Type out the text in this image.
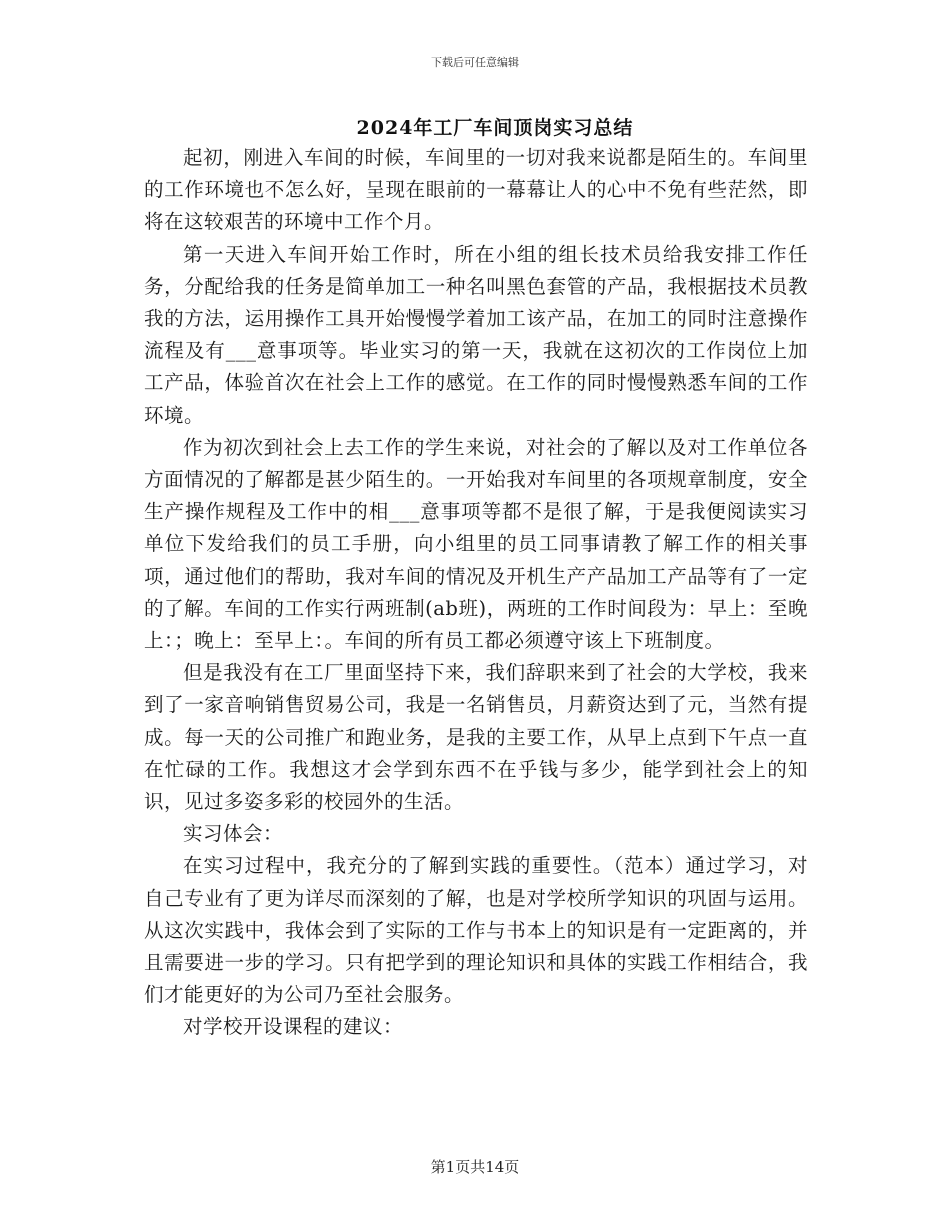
下载后可任意编辑
2024年工厂车间顶岗实习总结

起初，刚进入车间的时候，车间里的一切对我来说都是陌生的。车间里的工作环境也不怎么好，呈现在眼前的一幕幕让人的心中不免有些茫然，即将在这较艰苦的环境中工作个月。

第一天进入车间开始工作时，所在小组的组长技术员给我安排工作任务，分配给我的任务是简单加工一种名叫黑色套管的产品，我根据技术员教我的方法，运用操作工具开始慢慢学着加工该产品，在加工的同时注意操作流程及有___意事项等。毕业实习的第一天，我就在这初次的工作岗位上加工产品，体验首次在社会上工作的感觉。在工作的同时慢慢熟悉车间的工作环境。

作为初次到社会上去工作的学生来说，对社会的了解以及对工作单位各方面情况的了解都是甚少陌生的。一开始我对车间里的各项规章制度，安全生产操作规程及工作中的相___意事项等都不是很了解，于是我便阅读实习单位下发给我们的员工手册，向小组里的员工同事请教了解工作的相关事项，通过他们的帮助，我对车间的情况及开机生产产品加工产品等有了一定的了解。车间的工作实行两班制(ab班)，两班的工作时间段为：早上：至晚上：；晚上：至早上：。车间的所有员工都必须遵守该上下班制度。

但是我没有在工厂里面坚持下来，我们辞职来到了社会的大学校，我来到了一家音响销售贸易公司，我是一名销售员，月薪资达到了元，当然有提成。每一天的公司推广和跑业务，是我的主要工作，从早上点到下午点一直在忙碌的工作。我想这才会学到东西不在乎钱与多少，能学到社会上的知识，见过多姿多彩的校园外的生活。

实习体会：

在实习过程中，我充分的了解到实践的重要性。（范本）通过学习，对自己专业有了更为详尽而深刻的了解，也是对学校所学知识的巩固与运用。从这次实践中，我体会到了实际的工作与书本上的知识是有一定距离的，并且需要进一步的学习。只有把学到的理论知识和具体的实践工作相结合，我们才能更好的为公司乃至社会服务。

对学校开设课程的建议：

第1页共14页
